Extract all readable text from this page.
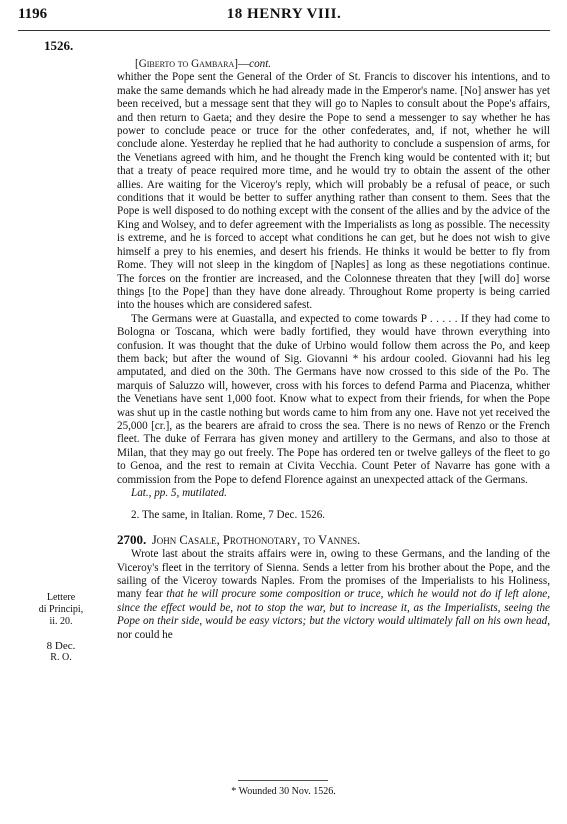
1196	18 HENRY VIII.
1526.

[Giberto to Gambara]—cont.

whither the Pope sent the General of the Order of St. Francis to discover his intentions, and to make the same demands which he had already made in the Emperor's name. [No] answer has yet been received, but a message sent that they will go to Naples to consult about the Pope's affairs, and then return to Gaeta; and they desire the Pope to send a messenger to say whether he has power to conclude peace or truce for the other confederates, and, if not, whether he will conclude alone. Yesterday he replied that he had authority to conclude a suspension of arms, for the Venetians agreed with him, and he thought the French king would be contented with it; but that a treaty of peace required more time, and he would try to obtain the assent of the other allies. Are waiting for the Viceroy's reply, which will probably be a refusal of peace, or such conditions that it would be better to suffer anything rather than consent to them. Sees that the Pope is well disposed to do nothing except with the consent of the allies and by the advice of the King and Wolsey, and to defer agreement with the Imperialists as long as possible. The necessity is extreme, and he is forced to accept what conditions he can get, but he does not wish to give himself a prey to his enemies, and desert his friends. He thinks it would be better to fly from Rome. They will not sleep in the kingdom of [Naples] as long as these negotiations continue. The forces on the frontier are increased, and the Colonnese threaten that they [will do] worse things [to the Pope] than they have done already. Throughout Rome property is being carried into the houses which are considered safest.

The Germans were at Guastalla, and expected to come towards P . . . . . If they had come to Bologna or Toscana, which were badly fortified, they would have thrown everything into confusion. It was thought that the duke of Urbino would follow them across the Po, and keep them back; but after the wound of Sig. Giovanni * his ardour cooled. Giovanni had his leg amputated, and died on the 30th. The Germans have now crossed to this side of the Po. The marquis of Saluzzo will, however, cross with his forces to defend Parma and Piacenza, whither the Venetians have sent 1,000 foot. Know what to expect from their friends, for when the Pope was shut up in the castle nothing but words came to him from any one. Have not yet received the 25,000 [cr.], as the bearers are afraid to cross the sea. There is no news of Renzo or the French fleet. The duke of Ferrara has given money and artillery to the Germans, and also to those at Milan, that they may go out freely. The Pope has ordered ten or twelve galleys of the fleet to go to Genoa, and the rest to remain at Civita Vecchia. Count Peter of Navarre has gone with a commission from the Pope to defend Florence against an unexpected attack of the Germans.

Lat., pp. 5, mutilated.

2. The same, in Italian. Rome, 7 Dec. 1526.

2700. John Casale, Prothonotary, to Vannes.

Wrote last about the straits affairs were in, owing to these Germans, and the landing of the Viceroy's fleet in the territory of Sienna. Sends a letter from his brother about the Pope, and the sailing of the Viceroy towards Naples. From the promises of the Imperialists to his Holiness, many fear that he will procure some composition or truce, which he would not do if left alone, since the effect would be, not to stop the war, but to increase it, as the Imperialists, seeing the Pope on their side, would be easy victors; but the victory would ultimately fall on his own head, nor could he

Lettere
di Principi,
ii. 20.
8 Dec.
R. O.
* Wounded 30 Nov. 1526.
